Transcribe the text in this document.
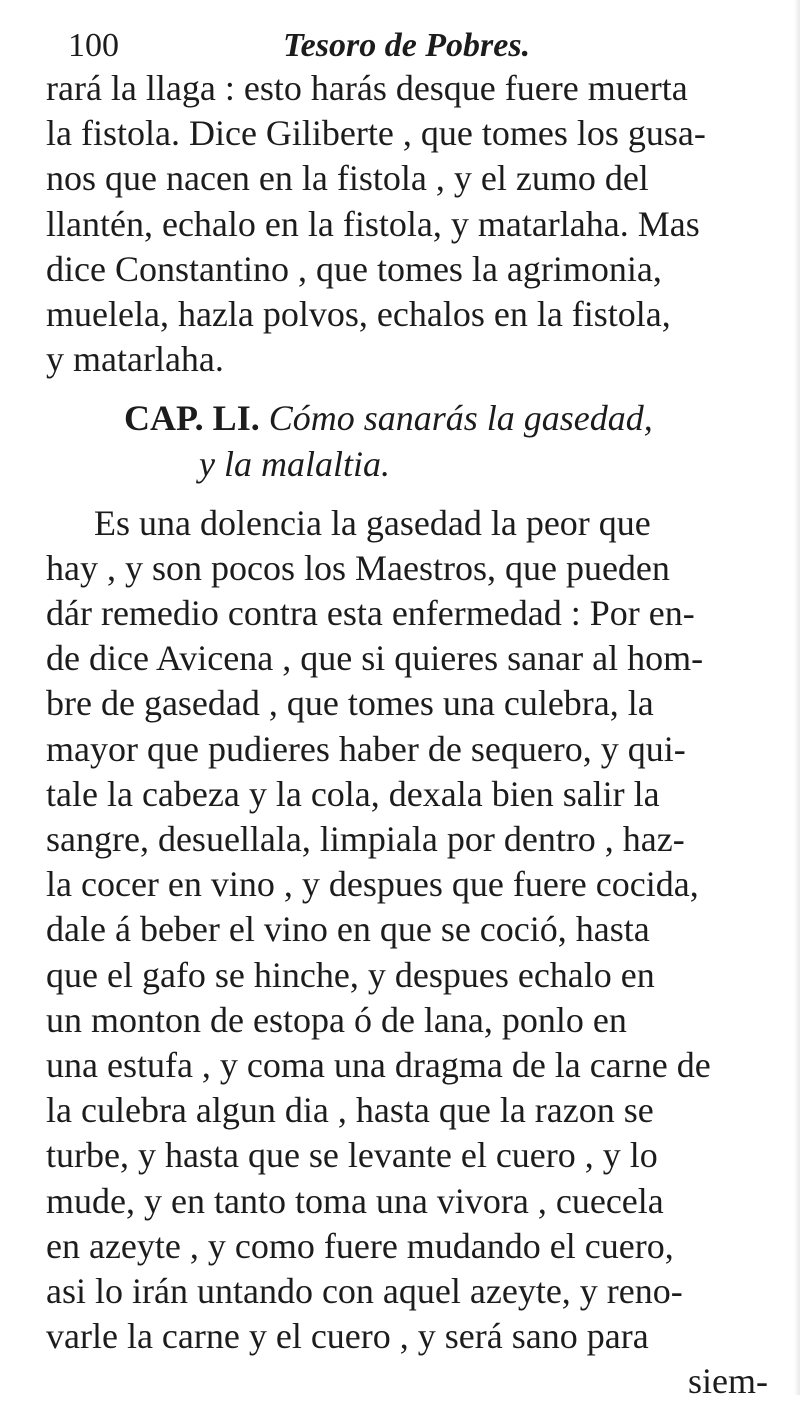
100	Tesoro de Pobres.
rará la llaga : esto harás desque fuere muerta
la fistola. Dice Giliberte , que tomes los gusa-
nos que nacen en la fistola , y el zumo del
llantén, echalo en la fistola, y matarlaha. Mas
dice Constantino , que tomes la agrimonia,
muelela, hazla polvos, echalos en la fistola,
y matarlaha.
CAP. LI. Cómo sanarás la gasedad,
y la malaltia.
Es una dolencia la gasedad la peor que
hay , y son pocos los Maestros, que pueden
dár remedio contra esta enfermedad : Por en-
de dice Avicena , que si quieres sanar al hom-
bre de gasedad , que tomes una culebra, la
mayor que pudieres haber de sequero, y qui-
tale la cabeza y la cola, dexala bien salir la
sangre, desuellala, limpiala por dentro , haz-
la cocer en vino , y despues que fuere cocida,
dale á beber el vino en que se coció, hasta
que el gafo se hinche, y despues echalo en
un monton de estopa ó de lana, ponlo en
una estufa , y coma una dragma de la carne de
la culebra algun dia , hasta que la razon se
turbe, y hasta que se levante el cuero , y lo
mude, y en tanto toma una vivora , cuecela
en azeyte , y como fuere mudando el cuero,
asi lo irán untando con aquel azeyte, y reno-
varle la carne y el cuero , y será sano para
siem-
